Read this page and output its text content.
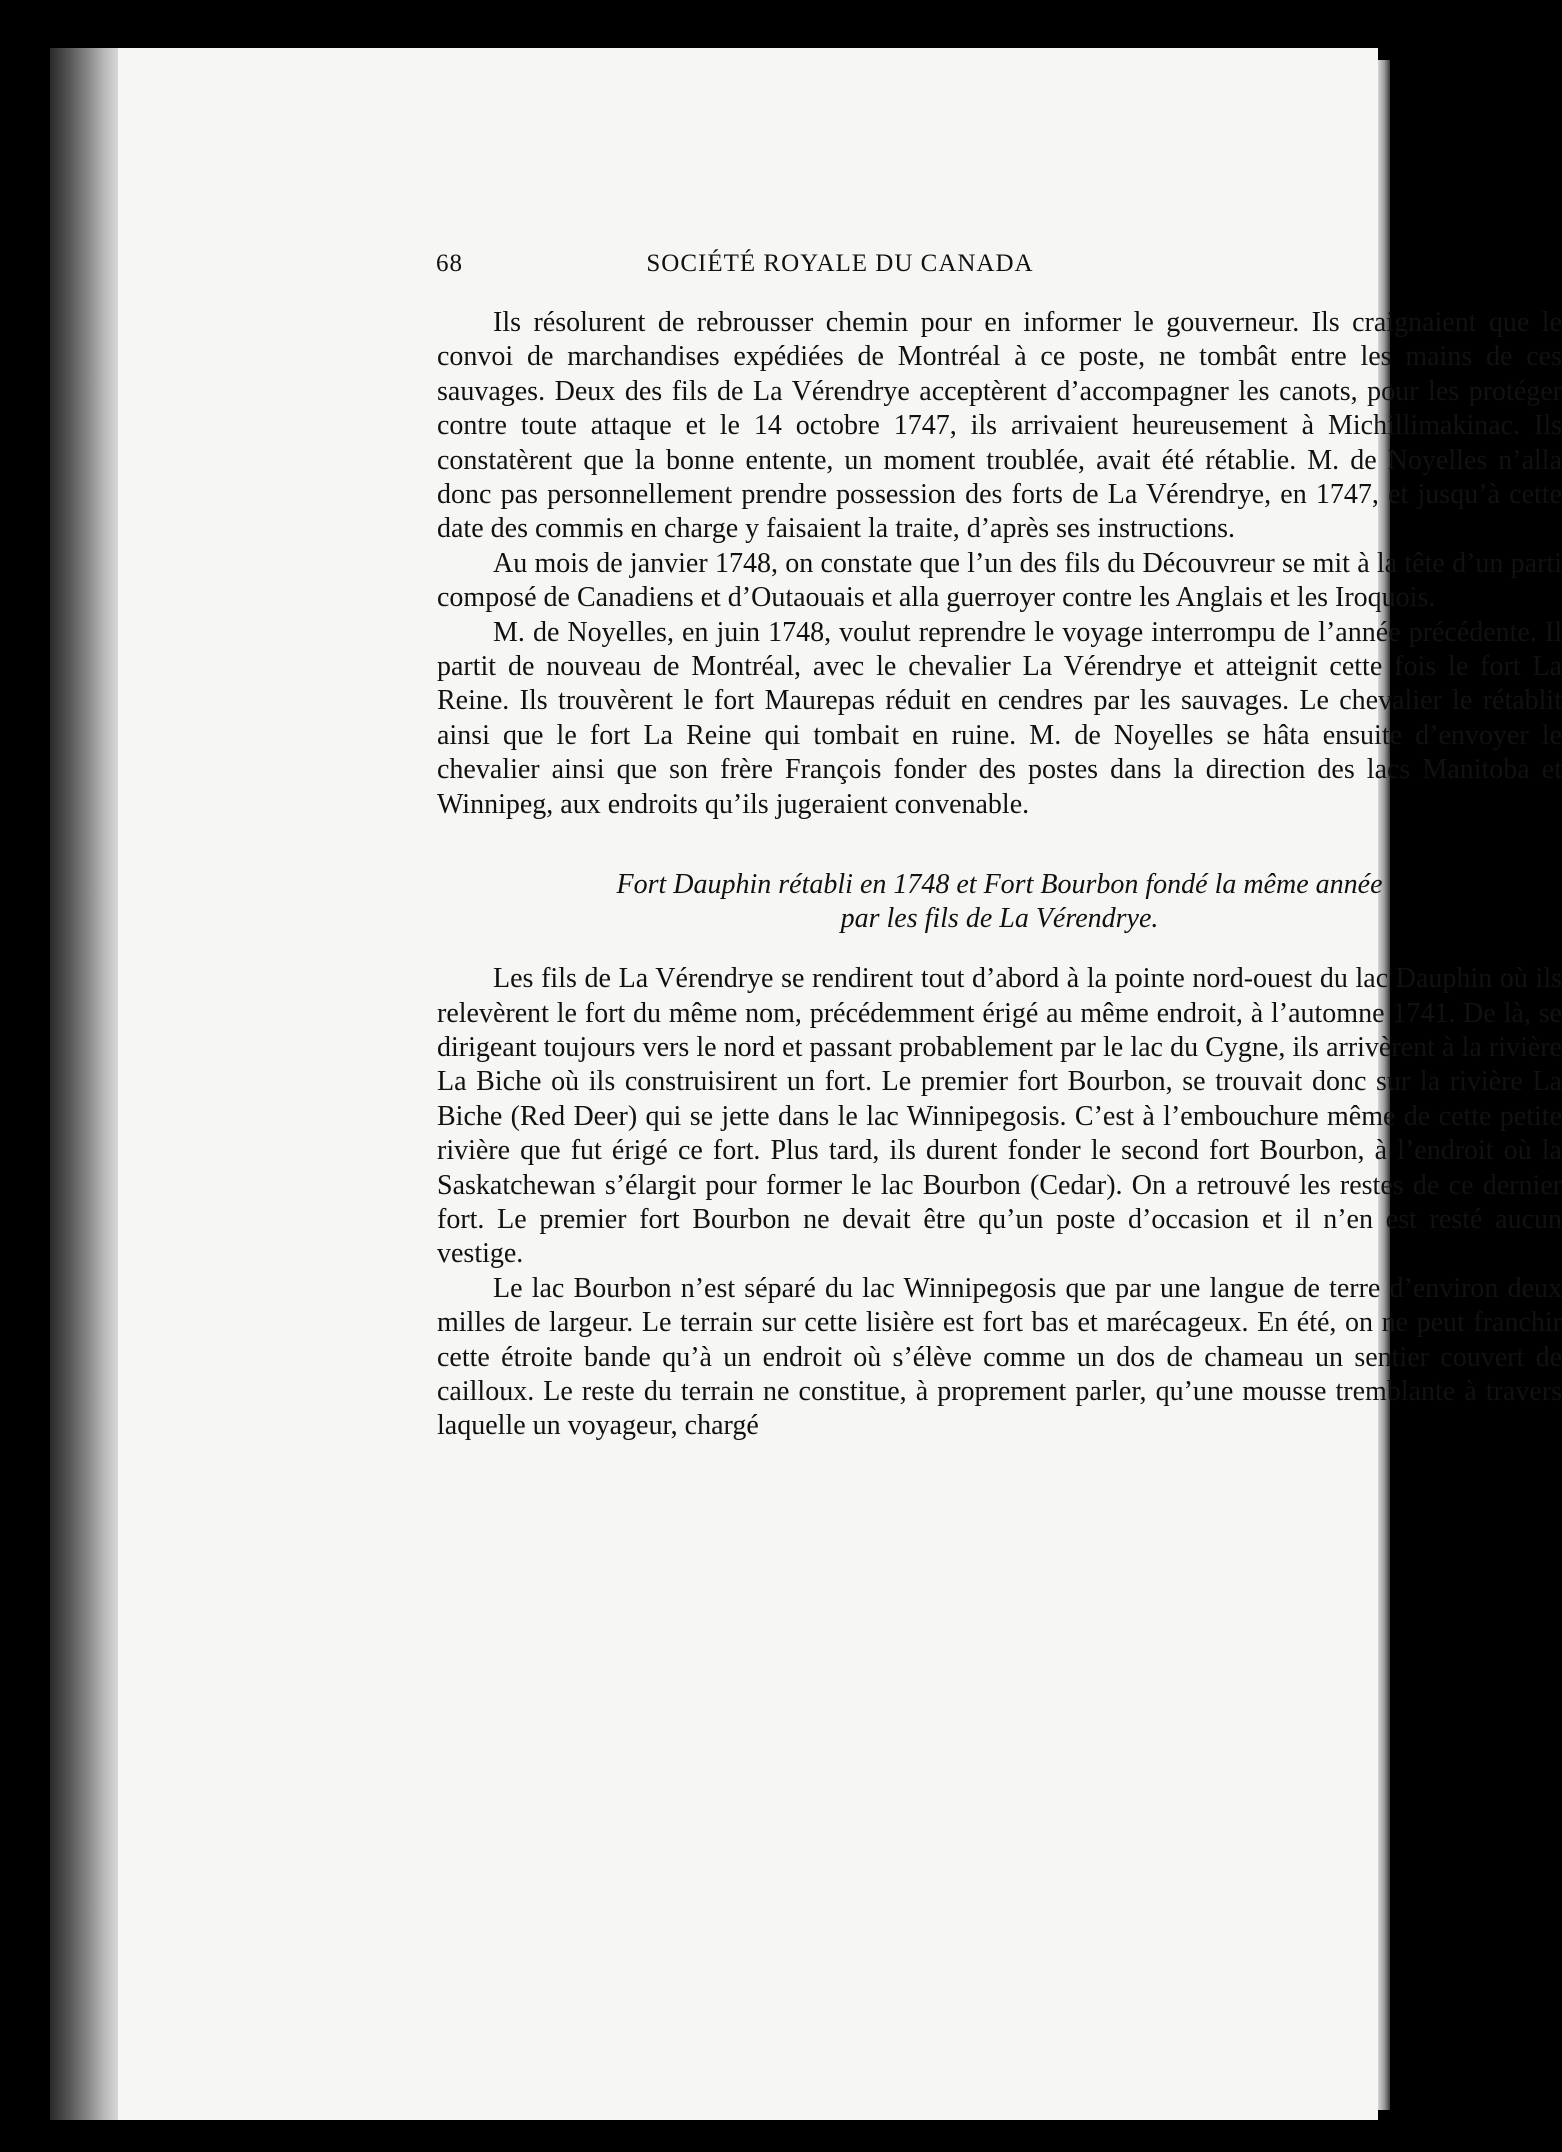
68	SOCIÉTÉ ROYALE DU CANADA

Ils résolurent de rebrousser chemin pour en informer le gouverneur. Ils craignaient que le convoi de marchandises expédiées de Montréal à ce poste, ne tombât entre les mains de ces sauvages. Deux des fils de La Vérendrye acceptèrent d’accompagner les canots, pour les protéger contre toute attaque et le 14 octobre 1747, ils arrivaient heureusement à Michillimakinac. Ils constatèrent que la bonne entente, un moment troublée, avait été rétablie. M. de Noyelles n’alla donc pas personnellement prendre possession des forts de La Vérendrye, en 1747, et jusqu’à cette date des commis en charge y faisaient la traite, d’après ses instructions.

Au mois de janvier 1748, on constate que l’un des fils du Découvreur se mit à la tête d’un parti composé de Canadiens et d’Outaouais et alla guerroyer contre les Anglais et les Iroquois.

M. de Noyelles, en juin 1748, voulut reprendre le voyage interrompu de l’année précédente. Il partit de nouveau de Montréal, avec le chevalier La Vérendrye et atteignit cette fois le fort La Reine. Ils trouvèrent le fort Maurepas réduit en cendres par les sauvages. Le chevalier le rétablit ainsi que le fort La Reine qui tombait en ruine. M. de Noyelles se hâta ensuite d’envoyer le chevalier ainsi que son frère François fonder des postes dans la direction des lacs Manitoba et Winnipeg, aux endroits qu’ils jugeraient convenable.

Fort Dauphin rétabli en 1748 et Fort Bourbon fondé la même année
par les fils de La Vérendrye.

Les fils de La Vérendrye se rendirent tout d’abord à la pointe nord-ouest du lac Dauphin où ils relevèrent le fort du même nom, précédemment érigé au même endroit, à l’automne 1741. De là, se dirigeant toujours vers le nord et passant probablement par le lac du Cygne, ils arrivèrent à la rivière La Biche où ils construisirent un fort. Le premier fort Bourbon, se trouvait donc sur la rivière La Biche (Red Deer) qui se jette dans le lac Winnipegosis. C’est à l’embouchure même de cette petite rivière que fut érigé ce fort. Plus tard, ils durent fonder le second fort Bourbon, à l’endroit où la Saskatchewan s’élargit pour former le lac Bourbon (Cedar). On a retrouvé les restes de ce dernier fort. Le premier fort Bourbon ne devait être qu’un poste d’occasion et il n’en est resté aucun vestige.

Le lac Bourbon n’est séparé du lac Winnipegosis que par une langue de terre d’environ deux milles de largeur. Le terrain sur cette lisière est fort bas et marécageux. En été, on ne peut franchir cette étroite bande qu’à un endroit où s’élève comme un dos de chameau un sentier couvert de cailloux. Le reste du terrain ne constitue, à proprement parler, qu’une mousse tremblante à travers laquelle un voyageur, chargé
